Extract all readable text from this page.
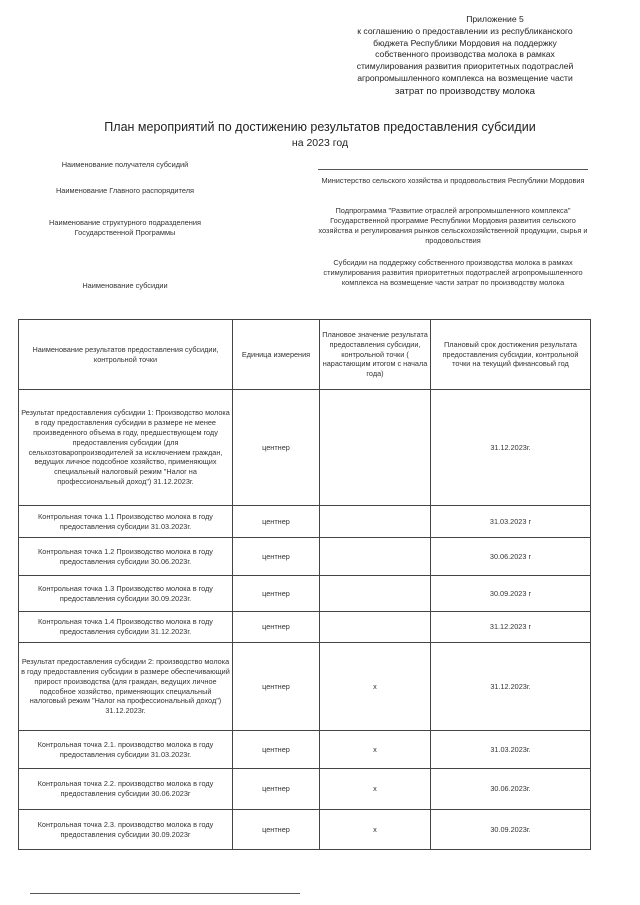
Приложение 5
к соглашению о предоставлении из республиканского
бюджета Республики Мордовия на поддержку
собственного производства молока в рамках
стимулирования развития приоритетных подотраслей
агропромышленного комплекса на возмещение части
затрат по производству молока
План мероприятий по достижению результатов предоставления субсидии
на 2023 год
Наименование получателя субсидий
Наименование Главного распорядителя
Министерство сельского хозяйства и продовольствия Республики Мордовия
Наименование структурного подразделения Государственной Программы
Подпрограмма "Развитие отраслей агропромышленного комплекса" Государственной программе Республики Мордовия развития сельского хозяйства и регулирования рынков сельскохозяйственной продукции, сырья и продовольствия
Наименование субсидии
Субсидии на поддержку собственного производства молока в рамках стимулирования развития приоритетных подотраслей агропромышленного комплекса на возмещение части затрат по производству молока
Наименование результатов предоставления субсидии, контрольной точки	Единица измерения	Плановое значение результата предоставления субсидии, контрольной точки ( нарастающим итогом с начала года)	Плановый срок достижения результата предоставления субсидии, контрольной точки на текущий финансовый год
Результат предоставления субсидии 1: Производство молока в году предоставления субсидии в размере не менее произведенного объема в году, предшествующем году предоставления субсидии (для сельхозтоваропроизводителей за исключением граждан, ведущих личное подсобное хозяйство, применяющих специальный налоговый режим "Налог на профессиональный доход") 31.12.2023г.	центнер		31.12.2023г.
Контрольная точка 1.1 Производство молока в году предоставления субсидии 31.03.2023г.	центнер		31.03.2023 г
Контрольная точка 1.2 Производство молока в году предоставления субсидии 30.06.2023г.	центнер		30.06.2023 г
Контрольная точка 1.3 Производство молока в году предоставления субсидии 30.09.2023г.	центнер		30.09.2023 г
Контрольная точка 1.4 Производство молока в году предоставления субсидии 31.12.2023г.	центнер		31.12.2023 г
Результат предоставления субсидии 2: производство молока в году предоставления субсидии в размере обеспечивающий прирост производства (для граждан, ведущих личное подсобное хозяйство, применяющих специальный налоговый режим "Налог на профессиональный доход") 31.12.2023г.	центнер	х	31.12.2023г.
Контрольная точка 2.1. производство молока в году предоставления субсидии 31.03.2023г.	центнер	х	31.03.2023г.
Контрольная точка 2.2. производство молока в году предоставления субсидии 30.06.2023г	центнер	х	30.06.2023г.
Контрольная точка 2.3. производство молока в году предоставления субсидии 30.09.2023г	центнер	х	30.09.2023г.
